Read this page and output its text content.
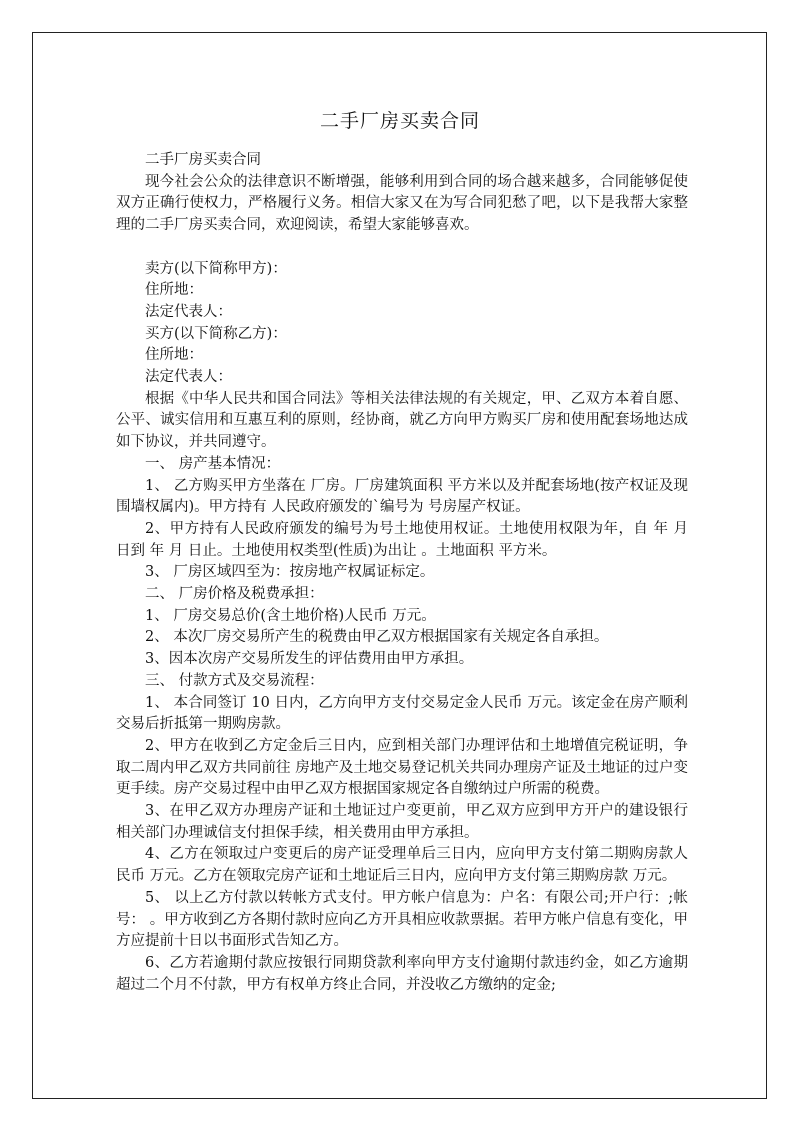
二手厂房买卖合同

二手厂房买卖合同

现今社会公众的法律意识不断增强，能够利用到合同的场合越来越多，合同能够促使双方正确行使权力，严格履行义务。相信大家又在为写合同犯愁了吧，以下是我帮大家整理的二手厂房买卖合同，欢迎阅读，希望大家能够喜欢。

卖方(以下简称甲方)：

住所地：

法定代表人：

买方(以下简称乙方)：

住所地：

法定代表人：

根据《中华人民共和国合同法》等相关法律法规的有关规定，甲、乙双方本着自愿、公平、诚实信用和互惠互利的原则，经协商，就乙方向甲方购买厂房和使用配套场地达成如下协议，并共同遵守。

一、 房产基本情况：

1、 乙方购买甲方坐落在 厂房。厂房建筑面积 平方米以及并配套场地(按产权证及现围墙权属内)。甲方持有 人民政府颁发的`编号为 号房屋产权证。

2、甲方持有人民政府颁发的编号为号土地使用权证。土地使用权限为年，自 年 月 日到 年 月 日止。土地使用权类型(性质)为出让 。土地面积 平方米。

3、 厂房区域四至为：按房地产权属证标定。

二、 厂房价格及税费承担：

1、 厂房交易总价(含土地价格)人民币 万元。

2、 本次厂房交易所产生的税费由甲乙双方根据国家有关规定各自承担。

3、因本次房产交易所发生的评估费用由甲方承担。

三、 付款方式及交易流程：

1、 本合同签订 10 日内，乙方向甲方支付交易定金人民币 万元。该定金在房产顺利交易后折抵第一期购房款。

2、甲方在收到乙方定金后三日内，应到相关部门办理评估和土地增值完税证明，争取二周内甲乙双方共同前往 房地产及土地交易登记机关共同办理房产证及土地证的过户变更手续。房产交易过程中由甲乙双方根据国家规定各自缴纳过户所需的税费。

3、在甲乙双方办理房产证和土地证过户变更前，甲乙双方应到甲方开户的建设银行相关部门办理诚信支付担保手续，相关费用由甲方承担。

4、乙方在领取过户变更后的房产证受理单后三日内，应向甲方支付第二期购房款人民币 万元。乙方在领取完房产证和土地证后三日内，应向甲方支付第三期购房款 万元。

5、 以上乙方付款以转帐方式支付。甲方帐户信息为：户名：有限公司;开户行：;帐号： 。甲方收到乙方各期付款时应向乙方开具相应收款票据。若甲方帐户信息有变化，甲方应提前十日以书面形式告知乙方。

6、乙方若逾期付款应按银行同期贷款利率向甲方支付逾期付款违约金，如乙方逾期超过二个月不付款，甲方有权单方终止合同，并没收乙方缴纳的定金;
